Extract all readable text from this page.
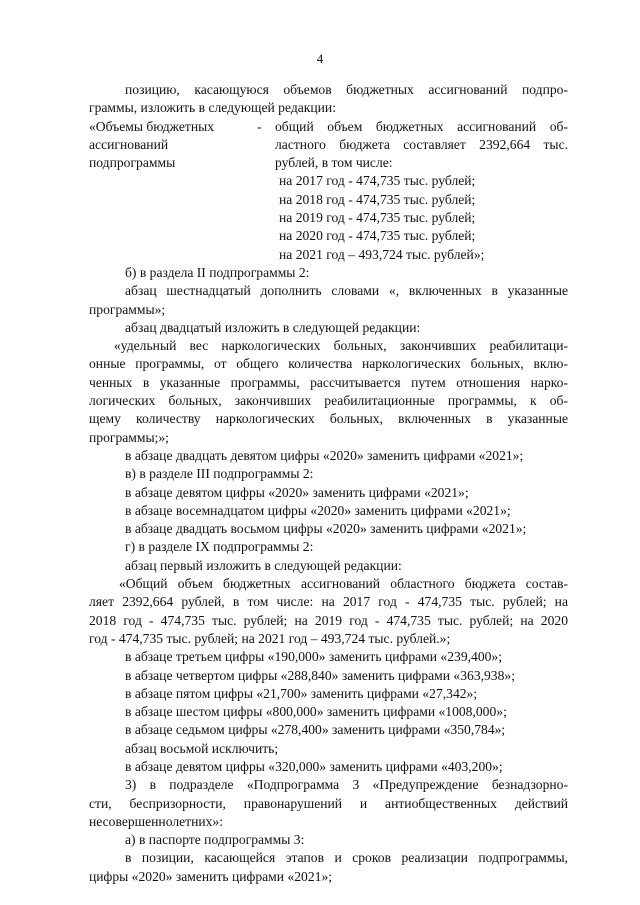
4
позицию, касающуюся объемов бюджетных ассигнований подпро-
граммы, изложить в следующей редакции:
«Объемы бюджетных
ассигнований
подпрограммы
- общий объем бюджетных ассигнований об-
ластного бюджета составляет 2392,664 тыс.
рублей, в том числе:
на 2017 год - 474,735 тыс. рублей;
на 2018 год - 474,735 тыс. рублей;
на 2019 год - 474,735 тыс. рублей;
на 2020 год - 474,735 тыс. рублей;
на 2021 год – 493,724 тыс. рублей»;
б) в раздела II подпрограммы 2:
абзац шестнадцатый дополнить словами «, включенных в указанные
программы»;
абзац двадцатый изложить в следующей редакции:
«удельный вес наркологических больных, закончивших реабилитаци-
онные программы, от общего количества наркологических больных, вклю-
ченных в указанные программы, рассчитывается путем отношения нарко-
логических больных, закончивших реабилитационные программы, к об-
щему количеству наркологических больных, включенных в указанные
программы;»;
в абзаце двадцать девятом цифры «2020» заменить цифрами «2021»;
в) в разделе III подпрограммы 2:
в абзаце девятом цифры «2020» заменить цифрами «2021»;
в абзаце восемнадцатом цифры «2020» заменить цифрами «2021»;
в абзаце двадцать восьмом цифры «2020» заменить цифрами «2021»;
г) в разделе IX подпрограммы 2:
абзац первый изложить в следующей редакции:
«Общий объем бюджетных ассигнований областного бюджета состав-
ляет 2392,664 рублей, в том числе: на 2017 год - 474,735 тыс. рублей; на
2018 год - 474,735 тыс. рублей; на 2019 год - 474,735 тыс. рублей; на 2020
год - 474,735 тыс. рублей; на 2021 год – 493,724 тыс. рублей.»;
в абзаце третьем цифры «190,000» заменить цифрами «239,400»;
в абзаце четвертом цифры «288,840» заменить цифрами «363,938»;
в абзаце пятом цифры «21,700» заменить цифрами «27,342»;
в абзаце шестом цифры «800,000» заменить цифрами «1008,000»;
в абзаце седьмом цифры «278,400» заменить цифрами «350,784»;
абзац восьмой исключить;
в абзаце девятом цифры «320,000» заменить цифрами «403,200»;
3) в подразделе «Подпрограмма 3 «Предупреждение безнадзорно-
сти, беспризорности, правонарушений и антиобщественных действий
несовершеннолетних»:
а) в паспорте подпрограммы 3:
в позиции, касающейся этапов и сроков реализации подпрограммы,
цифры «2020» заменить цифрами «2021»;
